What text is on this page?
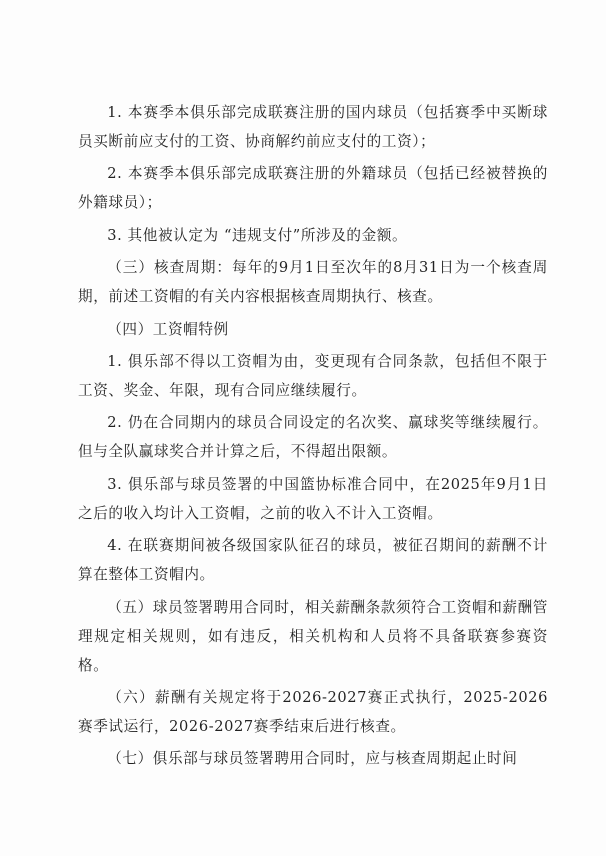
1. 本赛季本俱乐部完成联赛注册的国内球员（包括赛季中买断球员买断前应支付的工资、协商解约前应支付的工资）；

2. 本赛季本俱乐部完成联赛注册的外籍球员（包括已经被替换的外籍球员）；

3. 其他被认定为 “违规支付”所涉及的金额。

（三）核查周期：每年的9月1日至次年的8月31日为一个核查周期，前述工资帽的有关内容根据核查周期执行、核查。

（四）工资帽特例

1. 俱乐部不得以工资帽为由，变更现有合同条款，包括但不限于工资、奖金、年限，现有合同应继续履行。

2. 仍在合同期内的球员合同设定的名次奖、赢球奖等继续履行。但与全队赢球奖合并计算之后，不得超出限额。

3. 俱乐部与球员签署的中国篮协标准合同中，在2025年9月1日之后的收入均计入工资帽，之前的收入不计入工资帽。

4. 在联赛期间被各级国家队征召的球员，被征召期间的薪酬不计算在整体工资帽内。

（五）球员签署聘用合同时，相关薪酬条款须符合工资帽和薪酬管理规定相关规则，如有违反，相关机构和人员将不具备联赛参赛资格。

（六）薪酬有关规定将于2026-2027赛正式执行，2025-2026赛季试运行，2026-2027赛季结束后进行核查。

（七）俱乐部与球员签署聘用合同时，应与核查周期起止时间
